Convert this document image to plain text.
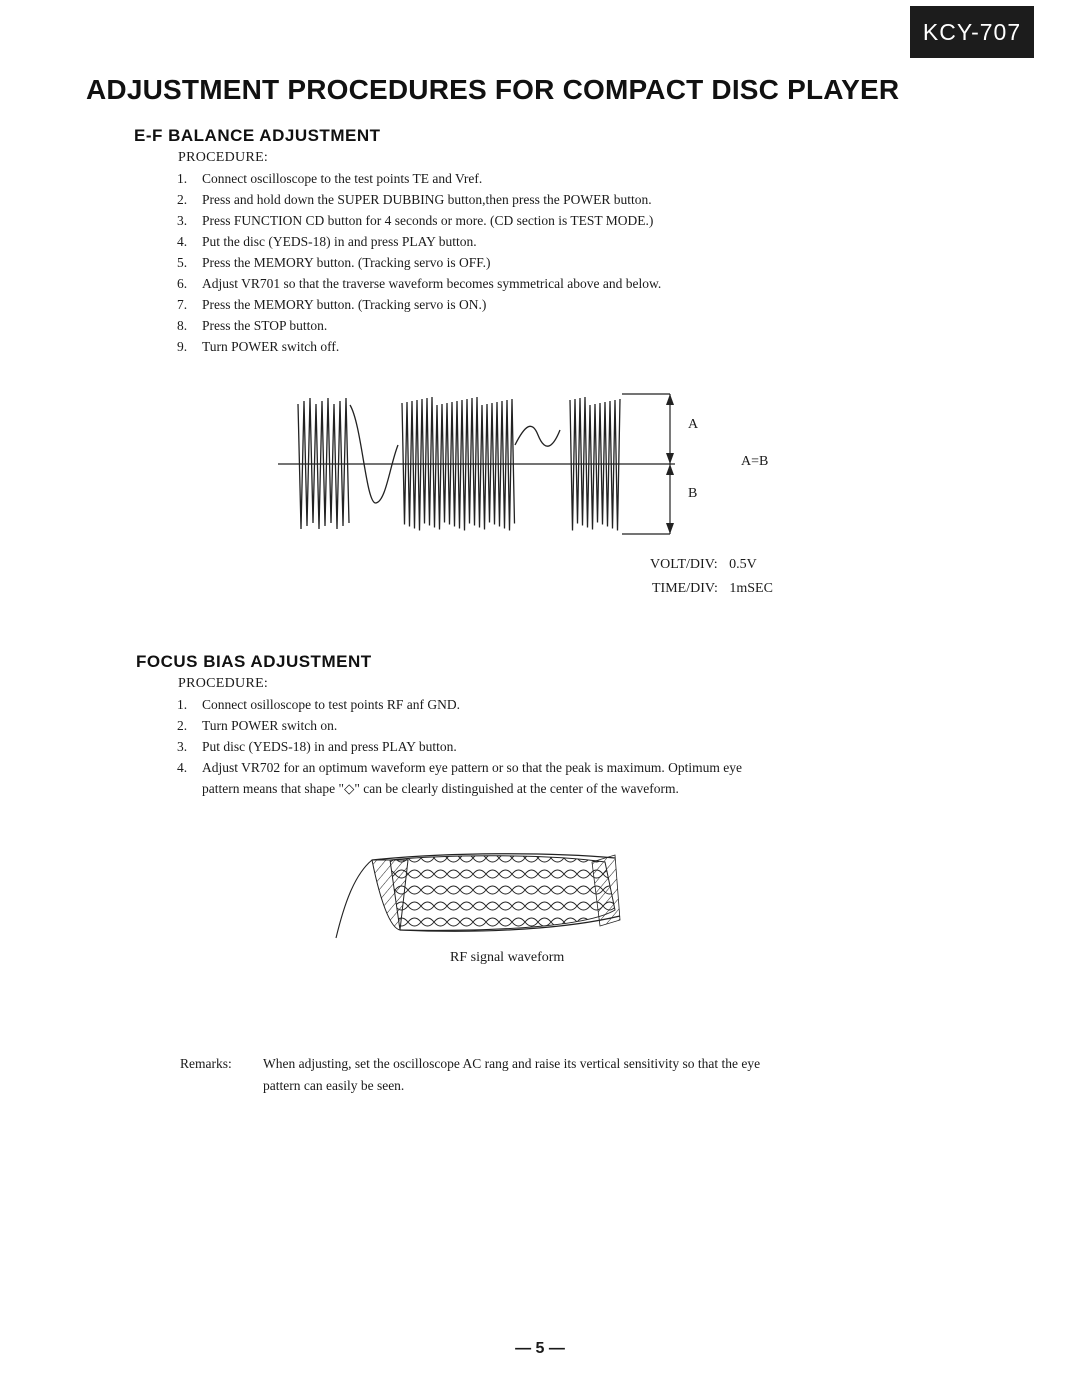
KCY-707
ADJUSTMENT PROCEDURES FOR COMPACT DISC PLAYER
E-F BALANCE ADJUSTMENT
PROCEDURE:
1. Connect oscilloscope to the test points TE and Vref.
2. Press and hold down the SUPER DUBBING button,then press the POWER button.
3. Press FUNCTION CD button for 4 seconds or more. (CD section is TEST MODE.)
4. Put the disc (YEDS-18) in and press PLAY button.
5. Press the MEMORY button. (Tracking servo is OFF.)
6. Adjust VR701 so that the traverse waveform becomes symmetrical above and below.
7. Press the MEMORY button. (Tracking servo is ON.)
8. Press the STOP button.
9. Turn POWER switch off.
A
A=B
B
VOLT/DIV: 0.5V
TIME/DIV: 1mSEC
FOCUS BIAS ADJUSTMENT
PROCEDURE:
1. Connect osilloscope to test points RF anf GND.
2. Turn POWER switch on.
3. Put disc (YEDS-18) in and press PLAY button.
4. Adjust VR702 for an optimum waveform eye pattern or so that the peak is maximum. Optimum eye pattern means that shape "◇" can be clearly distinguished at the center of the waveform.
RF signal waveform
Remarks: When adjusting, set the oscilloscope AC rang and raise its vertical sensitivity so that the eye pattern can easily be seen.
— 5 —
